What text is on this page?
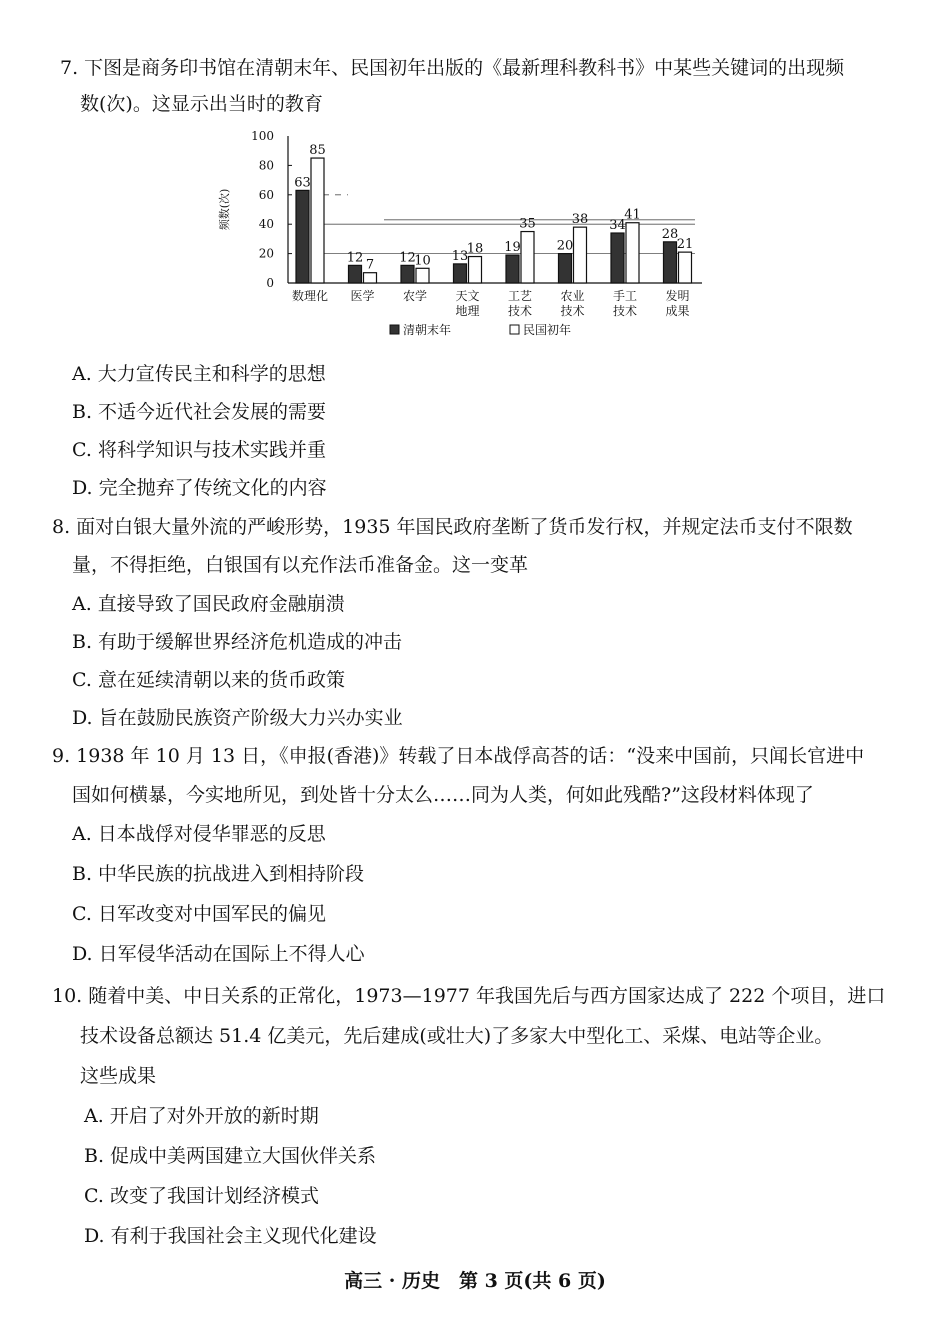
7. 下图是商务印书馆在清朝末年、民国初年出版的《最新理科教科书》中某些关键词的出现频
数(次)。这显示出当时的教育
0
20
40
60
80
100
频数(次)
63
85
数理化
12 7
医学
12
10
农学
13
18
天文
地理
19
35
工艺
技术
20
38
农业
技术
34
41
手工
技术
28
21
发明
成果
清朝末年	民国初年
A. 大力宣传民主和科学的思想
B. 不适今近代社会发展的需要
C. 将科学知识与技术实践并重
D. 完全抛弃了传统文化的内容
8. 面对白银大量外流的严峻形势，1935 年国民政府垄断了货币发行权，并规定法币支付不限数
量，不得拒绝，白银国有以充作法币准备金。这一变革
A. 直接导致了国民政府金融崩溃
B. 有助于缓解世界经济危机造成的冲击
C. 意在延续清朝以来的货币政策
D. 旨在鼓励民族资产阶级大力兴办实业
9. 1938 年 10 月 13 日，《申报(香港)》转载了日本战俘高荅的话：“没来中国前，只闻长官进中
国如何横暴，今实地所见，到处皆十分太么……同为人类，何如此残酷?”这段材料体现了
A. 日本战俘对侵华罪恶的反思
B. 中华民族的抗战进入到相持阶段
C. 日军改变对中国军民的偏见
D. 日军侵华活动在国际上不得人心
10. 随着中美、中日关系的正常化，1973—1977 年我国先后与西方国家达成了 222 个项目，进口
技术设备总额达 51.4 亿美元，先后建成(或壮大)了多家大中型化工、采煤、电站等企业。
这些成果
A. 开启了对外开放的新时期
B. 促成中美两国建立大国伙伴关系
C. 改变了我国计划经济模式
D. 有利于我国社会主义现代化建设
高三 · 历史　第 3 页(共 6 页)
